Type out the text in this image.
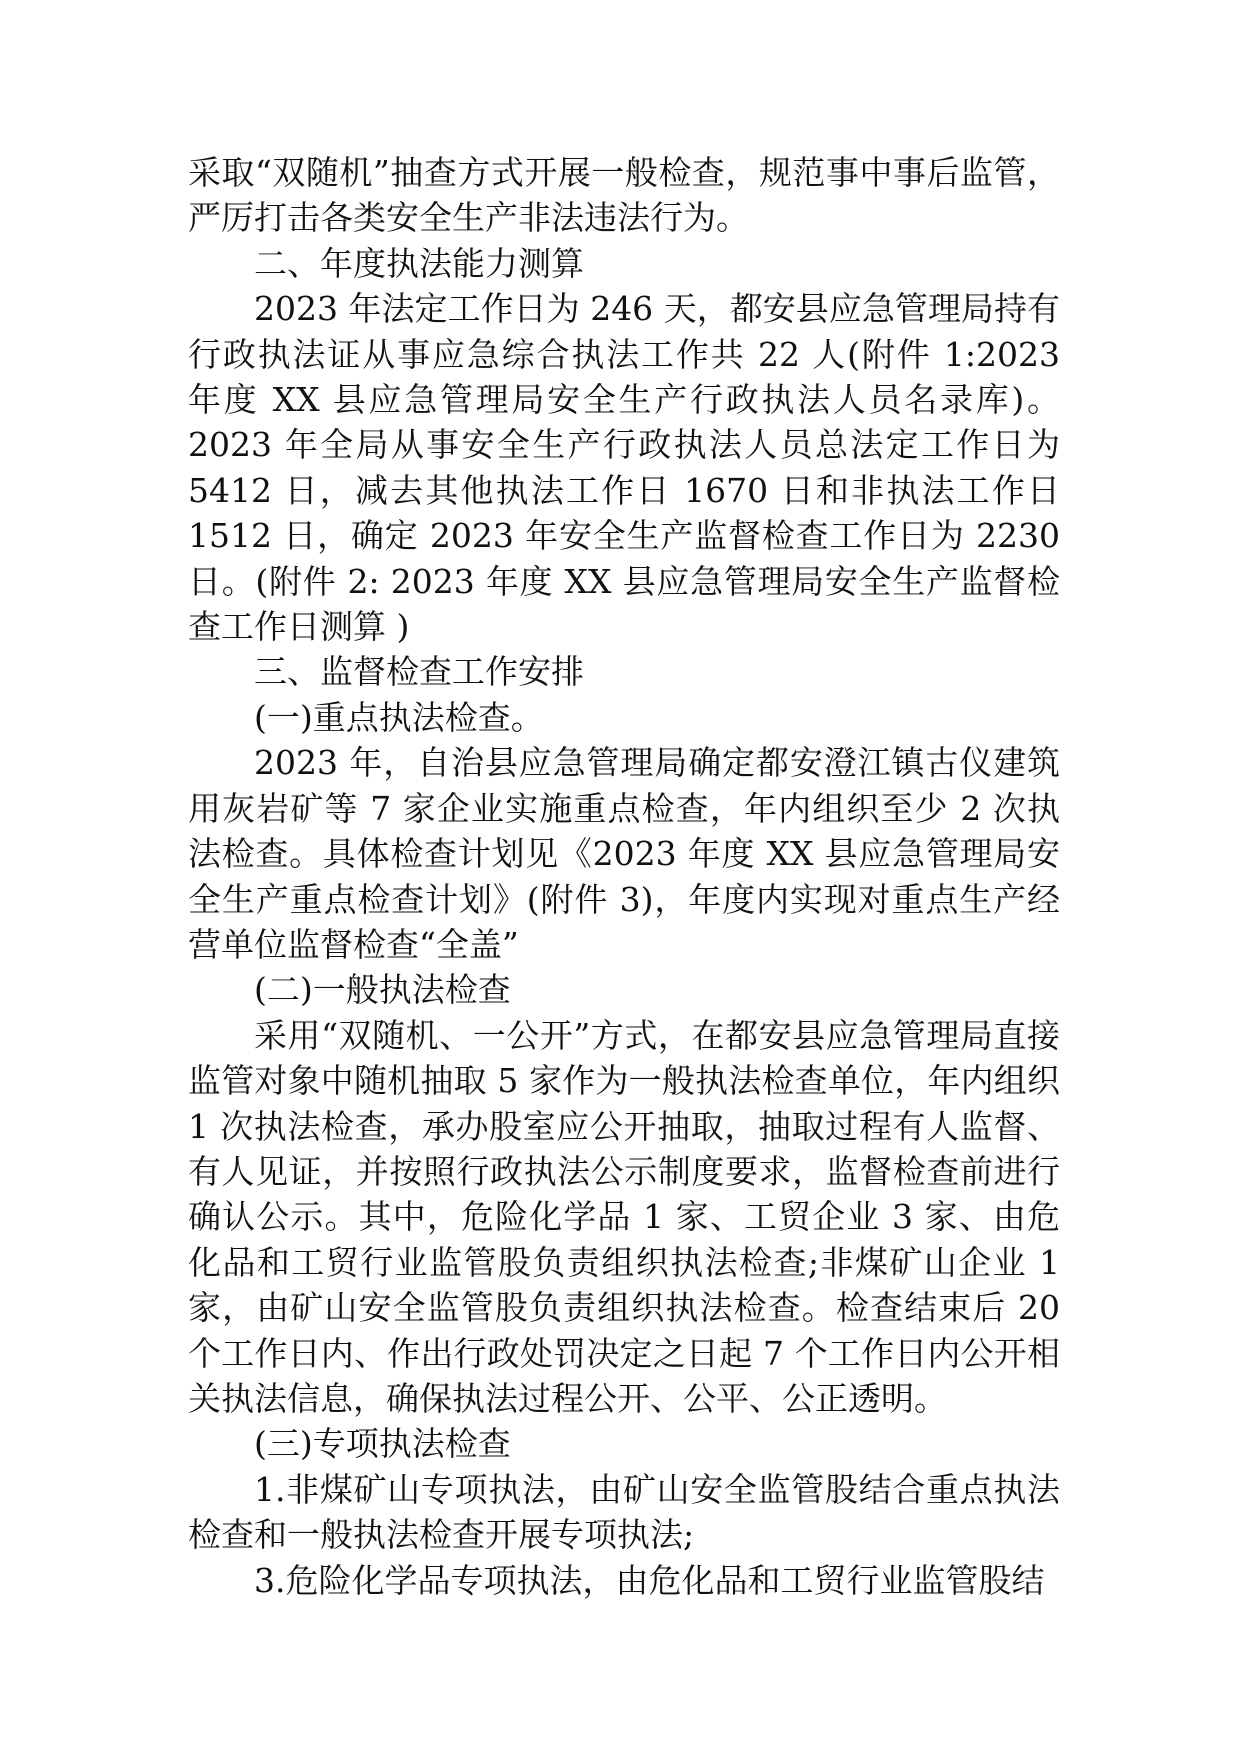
采取“双随机”抽查方式开展一般检查，规范事中事后监管，严厉打击各类安全生产非法违法行为。

二、年度执法能力测算

2023 年法定工作日为 246 天，都安县应急管理局持有行政执法证从事应急综合执法工作共 22 人(附件 1:2023 年度 XX 县应急管理局安全生产行政执法人员名录库)。2023 年全局从事安全生产行政执法人员总法定工作日为 5412 日，减去其他执法工作日 1670 日和非执法工作日 1512 日，确定 2023 年安全生产监督检查工作日为 2230 日。(附件 2: 2023 年度 XX 县应急管理局安全生产监督检查工作日测算 )

三、监督检查工作安排

(一)重点执法检查。

2023 年，自治县应急管理局确定都安澄江镇古仪建筑用灰岩矿等 7 家企业实施重点检查，年内组织至少 2 次执法检查。具体检查计划见《2023 年度 XX 县应急管理局安全生产重点检查计划》(附件 3)，年度内实现对重点生产经营单位监督检查“全盖”

(二)一般执法检查

采用“双随机、一公开”方式，在都安县应急管理局直接监管对象中随机抽取 5 家作为一般执法检查单位，年内组织 1 次执法检查，承办股室应公开抽取，抽取过程有人监督、有人见证，并按照行政执法公示制度要求，监督检查前进行确认公示。其中，危险化学品 1 家、工贸企业 3 家、由危化品和工贸行业监管股负责组织执法检查;非煤矿山企业 1 家，由矿山安全监管股负责组织执法检查。检查结束后 20 个工作日内、作出行政处罚决定之日起 7 个工作日内公开相关执法信息，确保执法过程公开、公平、公正透明。

(三)专项执法检查

1.非煤矿山专项执法，由矿山安全监管股结合重点执法检查和一般执法检查开展专项执法;

3.危险化学品专项执法，由危化品和工贸行业监管股结
